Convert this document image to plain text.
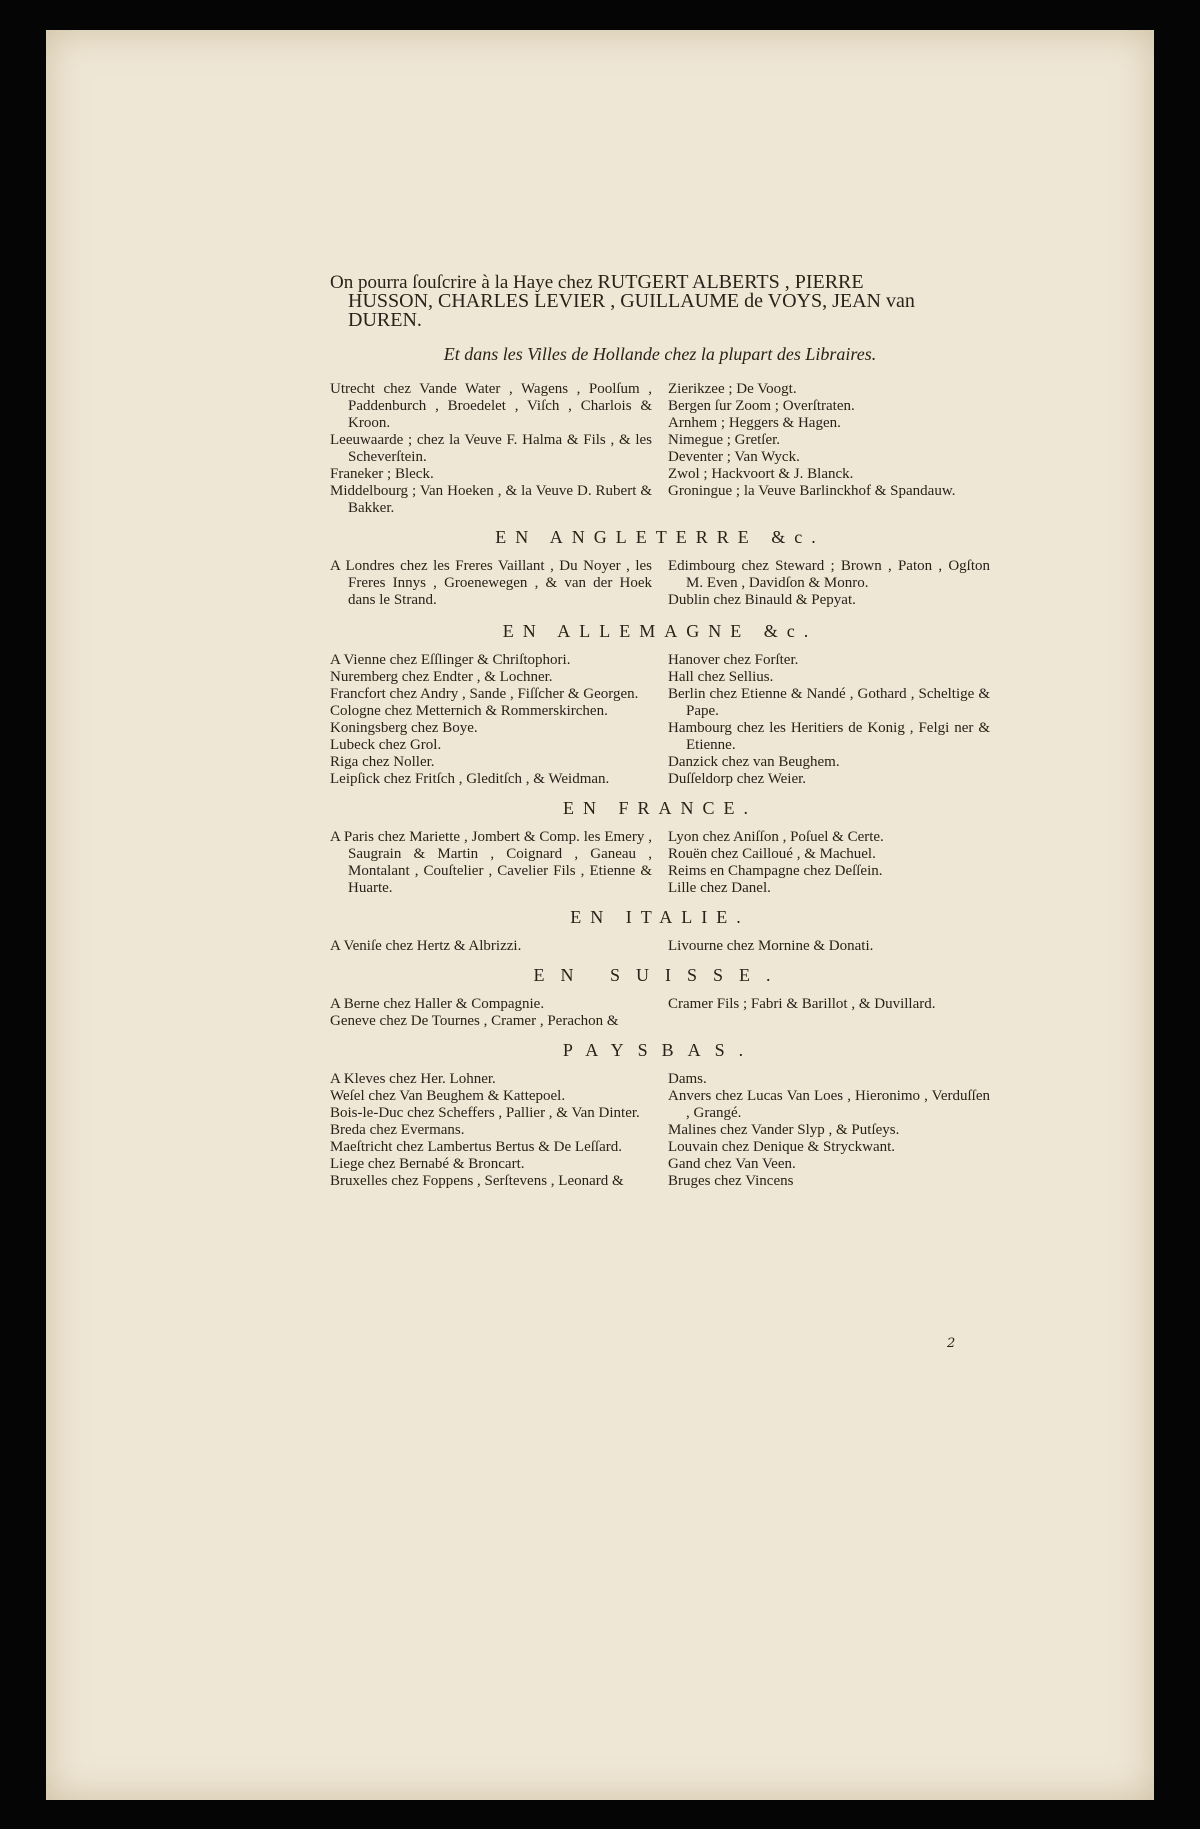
On pourra ſouſcrire à la Haye chez RUTGERT ALBERTS , PIERRE
HUSSON, CHARLES LEVIER , GUILLAUME de VOYS, JEAN van
DUREN.
Et dans les Villes de Hollande chez la plupart des Libraires.
Utrecht chez Vande Water , Wagens , Poolſum , Paddenburch , Broedelet , Viſch , Charlois & Kroon.
Leeuwaarde ; chez la Veuve F. Halma & Fils , & les Scheverſtein.
Franeker ; Bleck.
Middelbourg ; Van Hoeken , & la Veuve D. Rubert & Bakker.
Zierikzee ; De Voogt.
Bergen ſur Zoom ; Overſtraten.
Arnhem ; Heggers & Hagen.
Nimegue ; Gretſer.
Deventer ; Van Wyck.
Zwol ; Hackvoort & J. Blanck.
Groningue ; la Veuve Barlinckhof & Spandauw.
EN ANGLETERRE &c.
A Londres chez les Freres Vaillant , Du Noyer , les Freres Innys , Groenewegen , & van der Hoek dans le Strand.
Edimbourg chez Steward ; Brown , Paton , Ogſton M. Even , Davidſon & Monro.
Dublin chez Binauld & Pepyat.
EN ALLEMAGNE &c.
A Vienne chez Eſſlinger & Chriſtophori.
Nuremberg chez Endter , & Lochner.
Francfort chez Andry , Sande , Fiſſcher & Georgen.
Cologne chez Metternich & Rommerskirchen.
Koningsberg chez Boye.
Lubeck chez Grol.
Riga chez Noller.
Leipſick chez Fritſch , Gleditſch , & Weidman.
Hanover chez Forſter.
Hall chez Sellius.
Berlin chez Etienne & Nandé , Gothard , Scheltige & Pape.
Hambourg chez les Heritiers de Konig , Felgi ner & Etienne.
Danzick chez van Beughem.
Duſſeldorp chez Weier.
EN FRANCE.
A Paris chez Mariette , Jombert & Comp. les Emery , Saugrain & Martin , Coignard , Ganeau , Montalant , Couſtelier , Cavelier Fils , Etienne & Huarte.
Lyon chez Aniſſon , Poſuel & Certe.
Rouën chez Cailloué , & Machuel.
Reims en Champagne chez Deſſein.
Lille chez Danel.
EN ITALIE.
A Veniſe chez Hertz & Albrizzi.	Livourne chez Mornine & Donati.
EN SUISSE.
A Berne chez Haller & Compagnie.
Geneve chez De Tournes , Cramer , Perachon &
Cramer Fils ; Fabri & Barillot , & Duvillard.
PAYSBAS.
A Kleves chez Her. Lohner.
Weſel chez Van Beughem & Kattepoel.
Bois-le-Duc chez Scheffers , Pallier , & Van Dinter.
Breda chez Evermans.
Maeſtricht chez Lambertus Bertus & De Leſſard.
Liege chez Bernabé & Broncart.
Bruxelles chez Foppens , Serſtevens , Leonard &
Dams.
Anvers chez Lucas Van Loes , Hieronimo , Verduſſen , Grangé.
Malines chez Vander Slyp , & Putſeys.
Louvain chez Denique & Stryckwant.
Gand chez Van Veen.
Bruges chez Vincens
2
